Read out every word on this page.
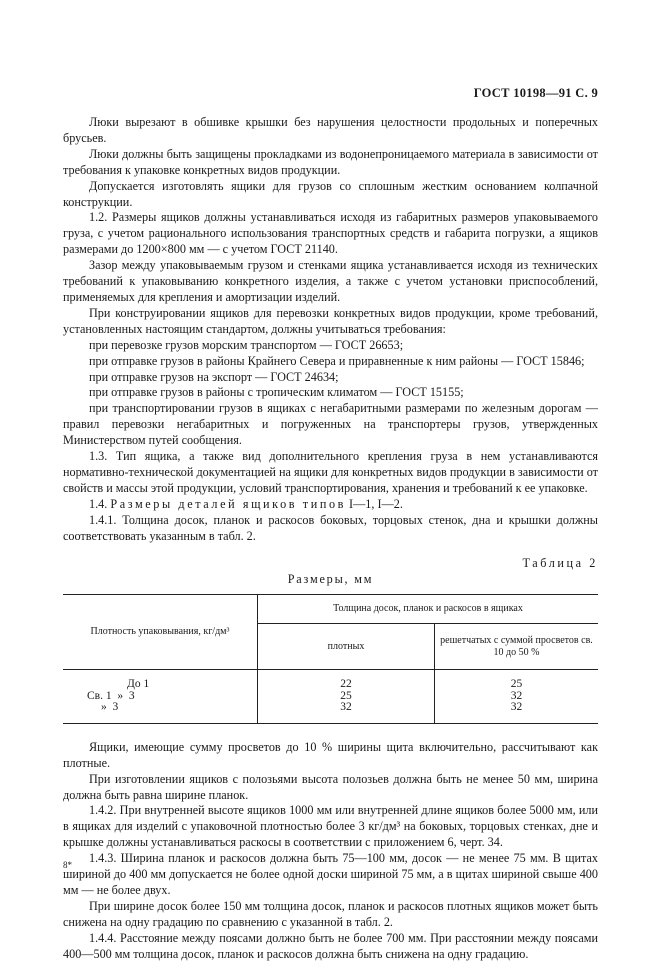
ГОСТ 10198—91 С. 9

Люки вырезают в обшивке крышки без нарушения целостности продольных и поперечных брусьев.

Люки должны быть защищены прокладками из водонепроницаемого материала в зависимости от требования к упаковке конкретных видов продукции.

Допускается изготовлять ящики для грузов со сплошным жестким основанием колпачной конструкции.

1.2. Размеры ящиков должны устанавливаться исходя из габаритных размеров упаковываемого груза, с учетом рационального использования транспортных средств и габарита погрузки, а ящиков размерами до 1200×800 мм — с учетом ГОСТ 21140.

Зазор между упаковываемым грузом и стенками ящика устанавливается исходя из технических требований к упаковыванию конкретного изделия, а также с учетом установки приспособлений, применяемых для крепления и амортизации изделий.

При конструировании ящиков для перевозки конкретных видов продукции, кроме требований, установленных настоящим стандартом, должны учитываться требования:

при перевозке грузов морским транспортом — ГОСТ 26653;

при отправке грузов в районы Крайнего Севера и приравненные к ним районы — ГОСТ 15846;

при отправке грузов на экспорт — ГОСТ 24634;

при отправке грузов в районы с тропическим климатом — ГОСТ 15155;

при транспортировании грузов в ящиках с негабаритными размерами по железным дорогам — правил перевозки негабаритных и погруженных на транспортеры грузов, утвержденных Министерством путей сообщения.

1.3. Тип ящика, а также вид дополнительного крепления груза в нем устанавливаются нормативно-технической документацией на ящики для конкретных видов продукции в зависимости от свойств и массы этой продукции, условий транспортирования, хранения и требований к ее упаковке.

1.4. Размеры деталей ящиков типов I—1, I—2.

1.4.1. Толщина досок, планок и раскосов боковых, торцовых стенок, дна и крышки должны соответствовать указанным в табл. 2.

Таблица 2
Размеры, мм
Плотность упаковывания, кг/дм³	Толщина досок, планок и раскосов в ящиках	
	плотных	решетчатых с суммой просветов св. 10 до 50 %

До 1	22	25
Св. 1  »  3	25	32
»  3	32	32

Ящики, имеющие сумму просветов до 10 % ширины щита включительно, рассчитывают как плотные.

При изготовлении ящиков с полозьями высота полозьев должна быть не менее 50 мм, ширина должна быть равна ширине планок.

1.4.2. При внутренней высоте ящиков 1000 мм или внутренней длине ящиков более 5000 мм, или в ящиках для изделий с упаковочной плотностью более 3 кг/дм³ на боковых, торцовых стенках, дне и крышке должны устанавливаться раскосы в соответствии с приложением 6, черт. 34.

1.4.3. Ширина планок и раскосов должна быть 75—100 мм, досок — не менее 75 мм. В щитах шириной до 400 мм допускается не более одной доски шириной 75 мм, а в щитах шириной свыше 400 мм — не более двух.

При ширине досок более 150 мм толщина досок, планок и раскосов плотных ящиков может быть снижена на одну градацию по сравнению с указанной в табл. 2.

1.4.4. Расстояние между поясами должно быть не более 700 мм. При расстоянии между поясами 400—500 мм толщина досок, планок и раскосов должна быть снижена на одну градацию.

8*
